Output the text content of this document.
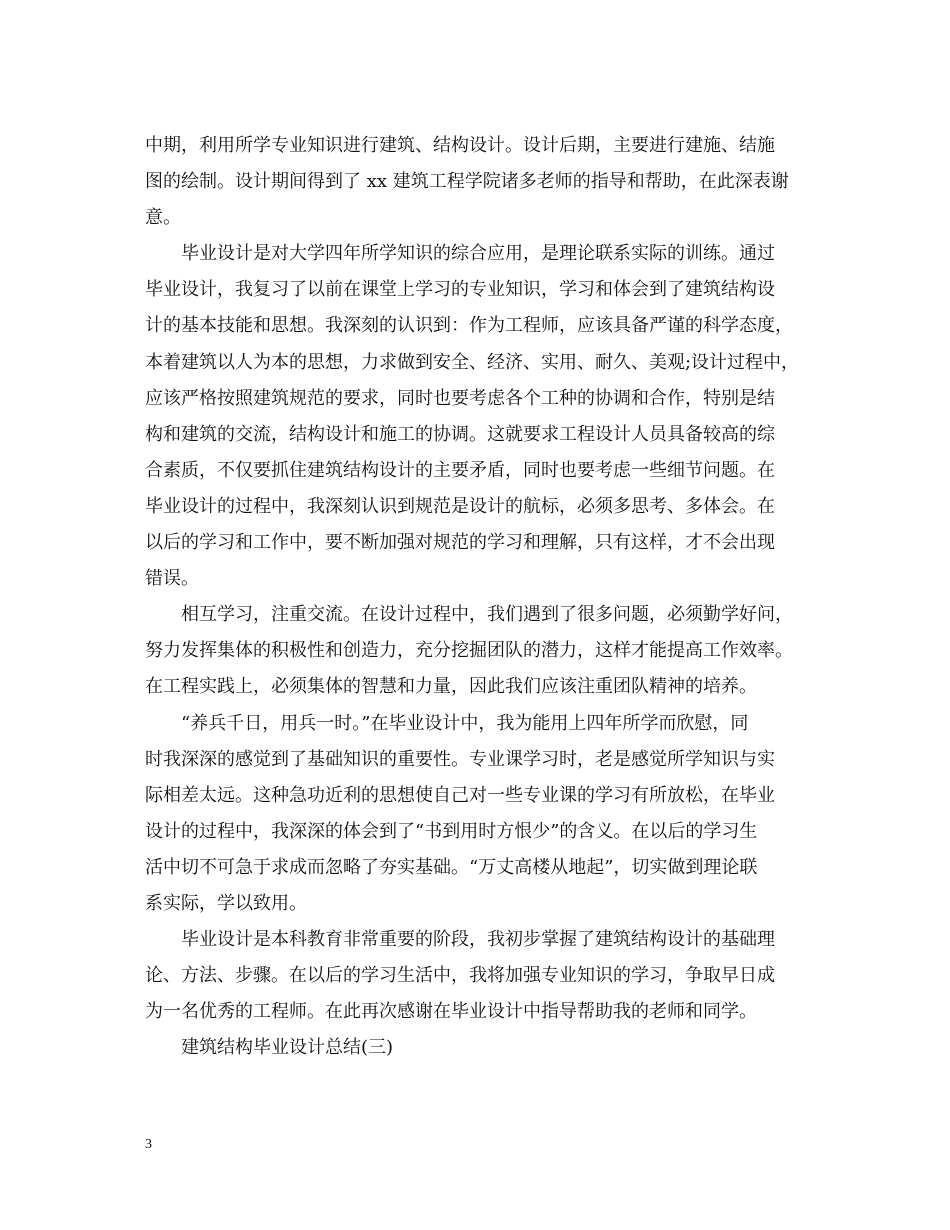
中期，利用所学专业知识进行建筑、结构设计。设计后期，主要进行建施、结施
图的绘制。设计期间得到了 xx 建筑工程学院诸多老师的指导和帮助，在此深表谢
意。
毕业设计是对大学四年所学知识的综合应用，是理论联系实际的训练。通过
毕业设计，我复习了以前在课堂上学习的专业知识，学习和体会到了建筑结构设
计的基本技能和思想。我深刻的认识到：作为工程师，应该具备严谨的科学态度，
本着建筑以人为本的思想，力求做到安全、经济、实用、耐久、美观;设计过程中，
应该严格按照建筑规范的要求，同时也要考虑各个工种的协调和合作，特别是结
构和建筑的交流，结构设计和施工的协调。这就要求工程设计人员具备较高的综
合素质，不仅要抓住建筑结构设计的主要矛盾，同时也要考虑一些细节问题。在
毕业设计的过程中，我深刻认识到规范是设计的航标，必须多思考、多体会。在
以后的学习和工作中，要不断加强对规范的学习和理解，只有这样，才不会出现
错误。
相互学习，注重交流。在设计过程中，我们遇到了很多问题，必须勤学好问，
努力发挥集体的积极性和创造力，充分挖掘团队的潜力，这样才能提高工作效率。
在工程实践上，必须集体的智慧和力量，因此我们应该注重团队精神的培养。
“养兵千日，用兵一时。”在毕业设计中，我为能用上四年所学而欣慰，同
时我深深的感觉到了基础知识的重要性。专业课学习时，老是感觉所学知识与实
际相差太远。这种急功近利的思想使自己对一些专业课的学习有所放松，在毕业
设计的过程中，我深深的体会到了“书到用时方恨少”的含义。在以后的学习生
活中切不可急于求成而忽略了夯实基础。“万丈高楼从地起”，切实做到理论联
系实际，学以致用。
毕业设计是本科教育非常重要的阶段，我初步掌握了建筑结构设计的基础理
论、方法、步骤。在以后的学习生活中，我将加强专业知识的学习，争取早日成
为一名优秀的工程师。在此再次感谢在毕业设计中指导帮助我的老师和同学。
建筑结构毕业设计总结(三)
3
